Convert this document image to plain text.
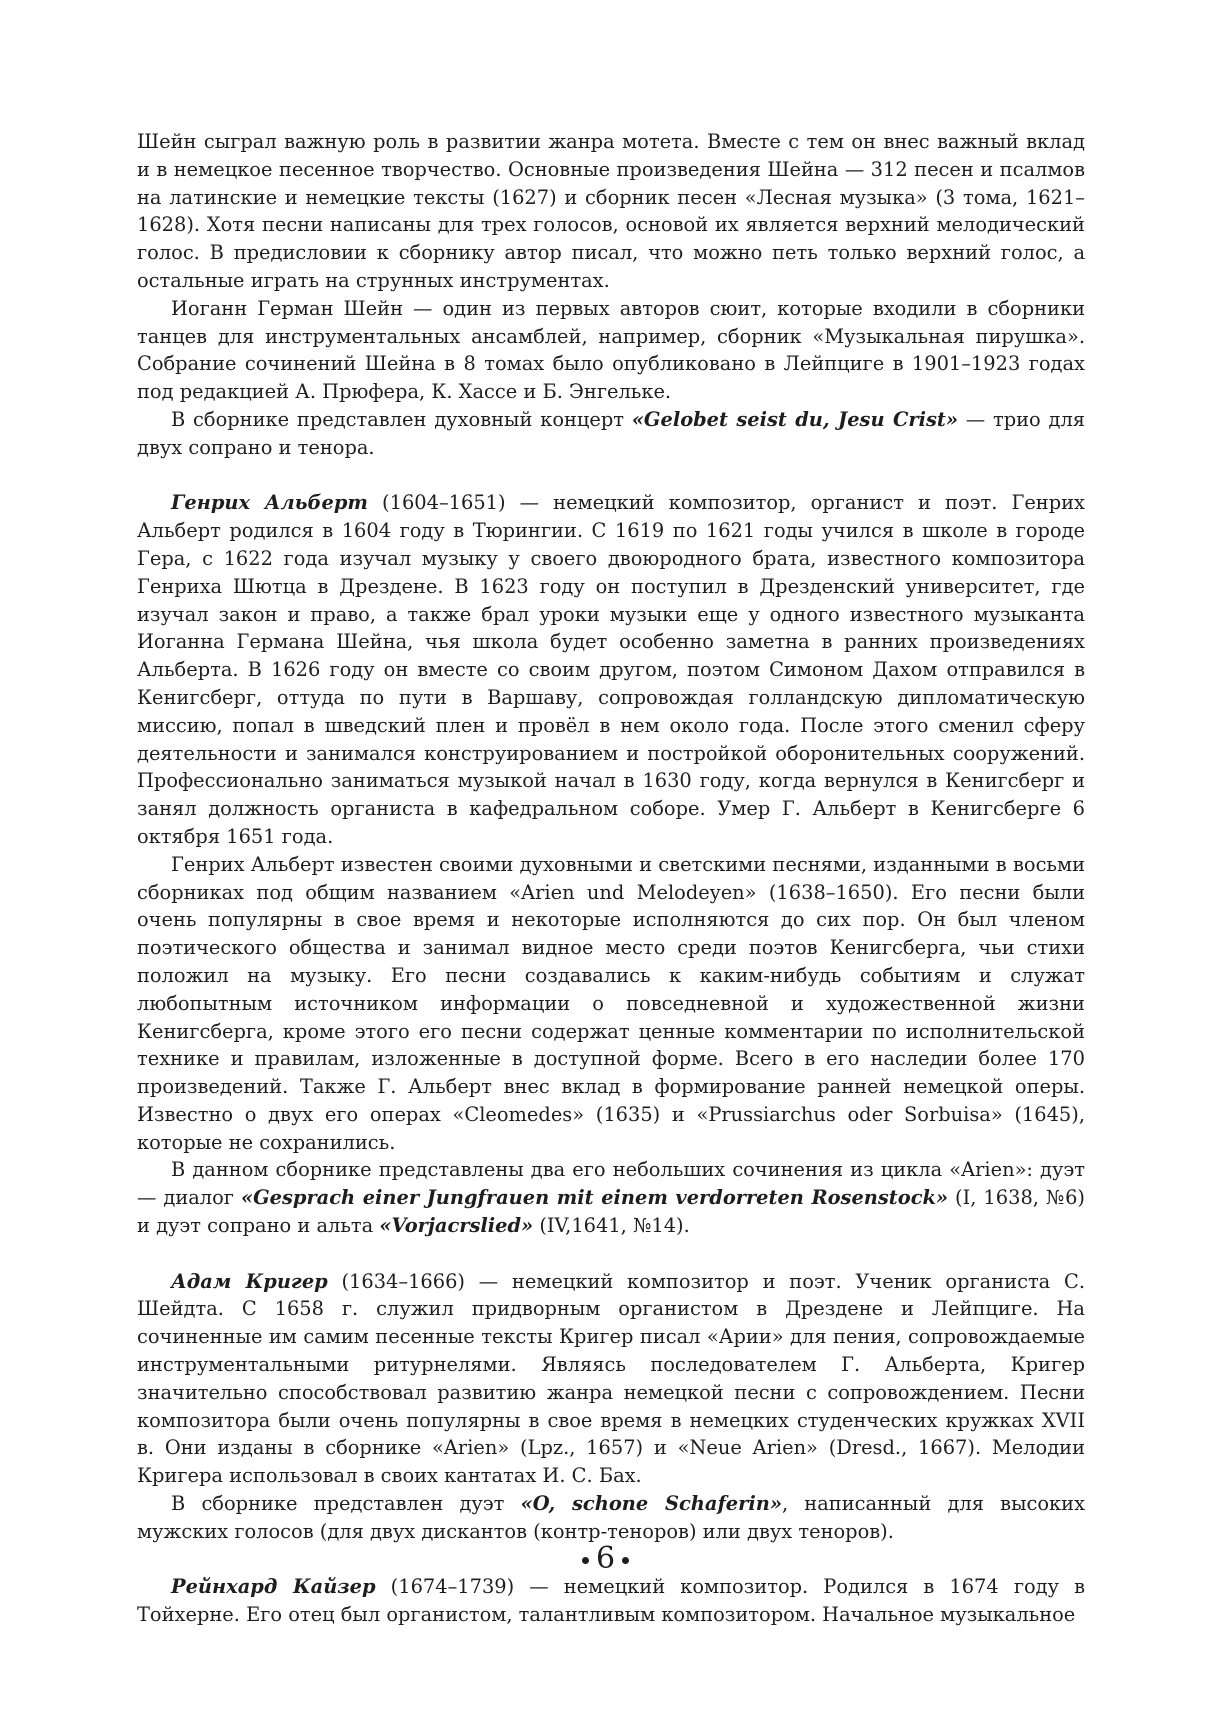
Шейн сыграл важную роль в развитии жанра мотета. Вместе с тем он внес важный вклад и в немецкое песенное творчество. Основные произведения Шейна — 312 песен и псалмов на латинские и немецкие тексты (1627) и сборник песен «Лесная музыка» (3 тома, 1621–1628). Хотя песни написаны для трех голосов, основой их является верхний мелодический голос. В предисловии к сборнику автор писал, что можно петь только верхний голос, а остальные играть на струнных инструментах.

Иоганн Герман Шейн — один из первых авторов сюит, которые входили в сборники танцев для инструментальных ансамблей, например, сборник «Музыкальная пирушка». Собрание сочинений Шейна в 8 томах было опубликовано в Лейпциге в 1901–1923 годах под редакцией А. Прюфера, К. Хассе и Б. Энгельке.

В сборнике представлен духовный концерт «Gelobet seist du, Jesu Crist» — трио для двух сопрано и тенора.

Генрих Альберт (1604–1651) — немецкий композитор, органист и поэт. Генрих Альберт родился в 1604 году в Тюрингии. С 1619 по 1621 годы учился в школе в городе Гера, с 1622 года изучал музыку у своего двоюродного брата, известного композитора Генриха Шютца в Дрездене. В 1623 году он поступил в Дрезденский университет, где изучал закон и право, а также брал уроки музыки еще у одного известного музыканта Иоганна Германа Шейна, чья школа будет особенно заметна в ранних произведениях Альберта. В 1626 году он вместе со своим другом, поэтом Симоном Дахом отправился в Кенигсберг, оттуда по пути в Варшаву, сопровождая голландскую дипломатическую миссию, попал в шведский плен и провёл в нем около года. После этого сменил сферу деятельности и занимался конструированием и постройкой оборонительных сооружений. Профессионально заниматься музыкой начал в 1630 году, когда вернулся в Кенигсберг и занял должность органиста в кафедральном соборе. Умер Г. Альберт в Кенигсберге 6 октября 1651 года.

Генрих Альберт известен своими духовными и светскими песнями, изданными в восьми сборниках под общим названием «Arien und Melodeyen» (1638–1650). Его песни были очень популярны в свое время и некоторые исполняются до сих пор. Он был членом поэтического общества и занимал видное место среди поэтов Кенигсберга, чьи стихи положил на музыку. Его песни создавались к каким-нибудь событиям и служат любопытным источником информации о повседневной и художественной жизни Кенигсберга, кроме этого его песни содержат ценные комментарии по исполнительской технике и правилам, изложенные в доступной форме. Всего в его наследии более 170 произведений. Также Г. Альберт внес вклад в формирование ранней немецкой оперы. Известно о двух его операх «Cleomedes» (1635) и «Prussiarchus oder Sorbuisa» (1645), которые не сохранились.

В данном сборнике представлены два его небольших сочинения из цикла «Arien»: дуэт — диалог «Gesprach einer Jungfrauen mit einem verdorreten Rosenstock» (I, 1638, №6) и дуэт сопрано и альта «Vorjacrslied» (IV,1641, №14).

Адам Кригер (1634–1666) — немецкий композитор и поэт. Ученик органиста С. Шейдта. С 1658 г. служил придворным органистом в Дрездене и Лейпциге. На сочиненные им самим песенные тексты Кригер писал «Арии» для пения, сопровождаемые инструментальными ритурнелями. Являясь последователем Г. Альберта, Кригер значительно способствовал развитию жанра немецкой песни с сопровождением. Песни композитора были очень популярны в свое время в немецких студенческих кружках XVII в. Они изданы в сборнике «Arien» (Lpz., 1657) и «Neue Arien» (Dresd., 1667). Мелодии Кригера использовал в своих кантатах И. С. Бах.

В сборнике представлен дуэт «O, schone Schaferin», написанный для высоких мужских голосов (для двух дискантов (контр-теноров) или двух теноров).

Рейнхард Кайзер (1674–1739) — немецкий композитор. Родился в 1674 году в Тойхерне. Его отец был органистом, талантливым композитором. Начальное музыкальное

6
